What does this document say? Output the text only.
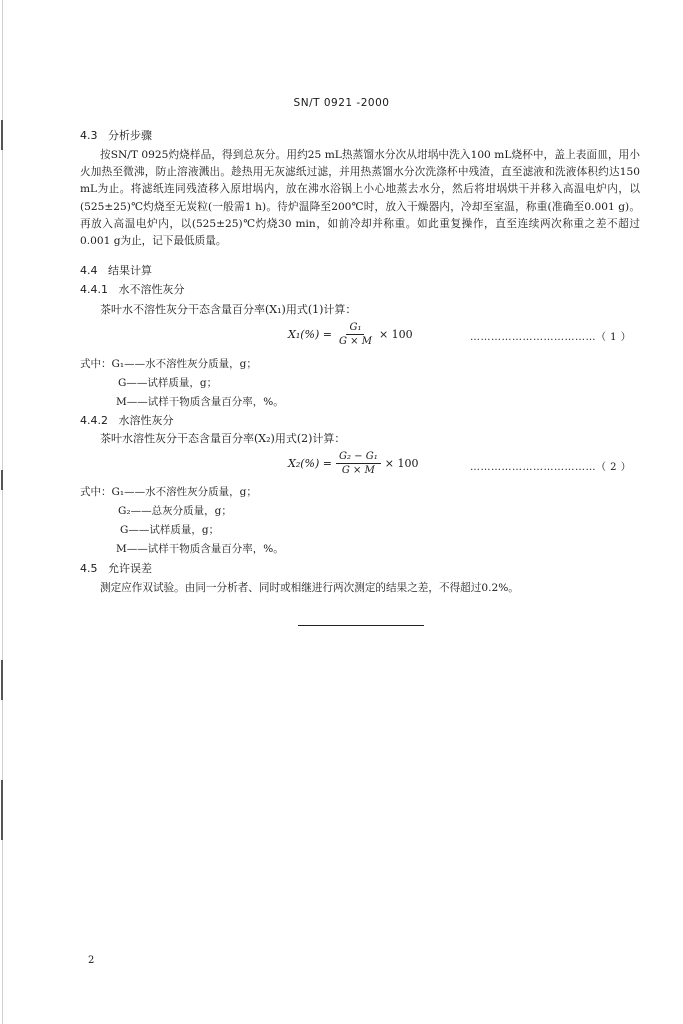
SN/T 0921 -2000
4.3 分析步骤
按SN/T 0925灼烧样品，得到总灰分。用约25 mL热蒸馏水分次从坩埚中洗入100 mL烧杯中，盖上表面皿，用小火加热至微沸，防止溶液溅出。趁热用无灰滤纸过滤，并用热蒸馏水分次洗涤杯中残渣，直至滤液和洗液体积约达150 mL为止。将滤纸连同残渣移入原坩埚内，放在沸水浴锅上小心地蒸去水分，然后将坩埚烘干并移入高温电炉内，以(525±25)℃灼烧至无炭粒(一般需1 h)。待炉温降至200℃时，放入干燥器内，冷却至室温，称重(准确至0.001 g)。再放入高温电炉内，以(525±25)℃灼烧30 min，如前冷却并称重。如此重复操作，直至连续两次称重之差不超过0.001 g为止，记下最低质量。
4.4 结果计算
4.4.1 水不溶性灰分
茶叶水不溶性灰分干态含量百分率(X₁)用式(1)计算：
$X_1(\%) = \frac{\text{G₁}}{G \times M} \times 100$	………………………………（ 1 ）
式中：G₁——水不溶性灰分质量，g；
G——试样质量，g；
M——试样干物质含量百分率，%。
4.4.2 水溶性灰分
茶叶水溶性灰分干态含量百分率(X₂)用式(2)计算：
$X_2(\%) = \frac{\text{G₂ − G₁}}{G \times M} \times 100$	………………………………（ 2 ）
式中：G₁——水不溶性灰分质量，g；
G₂——总灰分质量，g；
G——试样质量，g；
M——试样干物质含量百分率，%。
4.5 允许误差
测定应作双试验。由同一分析者、同时或相继进行两次测定的结果之差，不得超过0.2%。
2
